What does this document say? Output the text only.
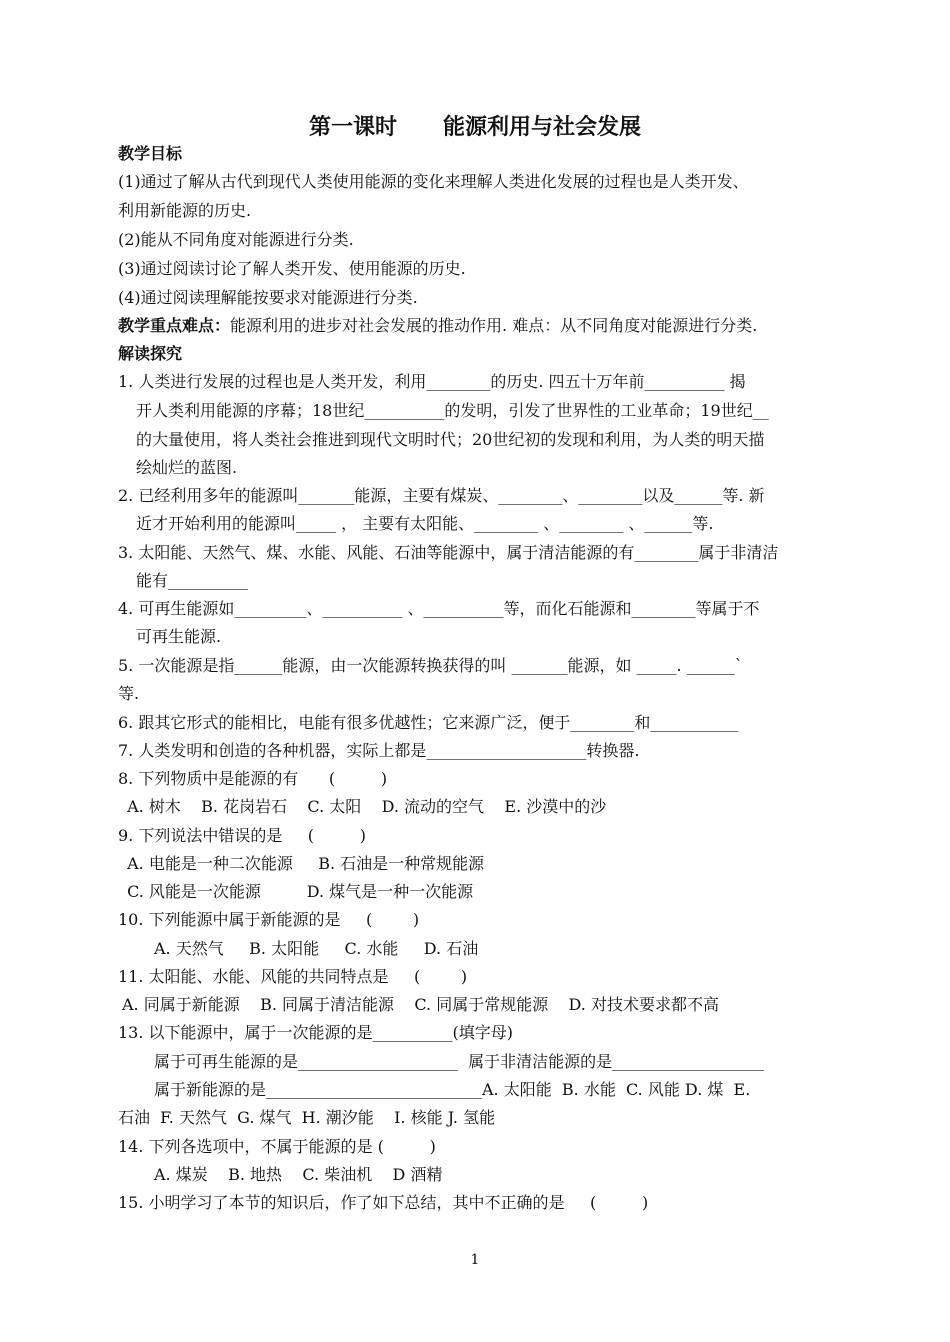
第一课时      能源利用与社会发展
教学目标
(1)通过了解从古代到现代人类使用能源的变化来理解人类进化发展的过程也是人类开发、
利用新能源的历史.
(2)能从不同角度对能源进行分类.
(3)通过阅读讨论了解人类开发、使用能源的历史.
(4)通过阅读理解能按要求对能源进行分类.
教学重点难点：能源利用的进步对社会发展的推动作用. 难点：从不同角度对能源进行分类.
解读探究
1. 人类进行发展的过程也是人类开发，利用________的历史. 四五十万年前__________ 揭
开人类利用能源的序幕；18世纪__________的发明，引发了世界性的工业革命；19世纪__
的大量使用，将人类社会推进到现代文明时代；20世纪初的发现和利用，为人类的明天描
绘灿烂的蓝图.
2. 已经利用多年的能源叫_______能源，主要有煤炭、________、________以及______等. 新
近才开始利用的能源叫_____ ， 主要有太阳能、________ 、________ 、______等.
3. 太阳能、天然气、煤、水能、风能、石油等能源中，属于清洁能源的有________属于非清洁
能有__________
4. 可再生能源如_________、__________ 、__________等，而化石能源和________等属于不
可再生能源.
5. 一次能源是指______能源，由一次能源转换获得的叫 _______能源，如 _____. ______`
等.
6. 跟其它形式的能相比，电能有很多优越性；它来源广泛，便于________和___________
7. 人类发明和创造的各种机器，实际上都是____________________转换器.
8. 下列物质中是能源的有      (         )
A. 树木    B. 花岗岩石    C. 太阳    D. 流动的空气    E. 沙漠中的沙
9. 下列说法中错误的是     (         )
A. 电能是一种二次能源     B. 石油是一种常规能源
C. 风能是一次能源         D. 煤气是一种一次能源
10. 下列能源中属于新能源的是     (        )
A. 天然气     B. 太阳能     C. 水能     D. 石油
11. 太阳能、水能、风能的共同特点是     (        )
A. 同属于新能源    B. 同属于清洁能源    C. 同属于常规能源    D. 对技术要求都不高
13. 以下能源中，属于一次能源的是__________(填字母)
属于可再生能源的是____________________  属于非清洁能源的是___________________
属于新能源的是___________________________A. 太阳能  B. 水能  C. 风能 D. 煤  E.
石油  F. 天然气  G. 煤气  H. 潮汐能    I. 核能 J. 氢能
14. 下列各选项中，不属于能源的是 (         )
A. 煤炭    B. 地热    C. 柴油机    D 酒精
15. 小明学习了本节的知识后，作了如下总结，其中不正确的是     (         )
1
